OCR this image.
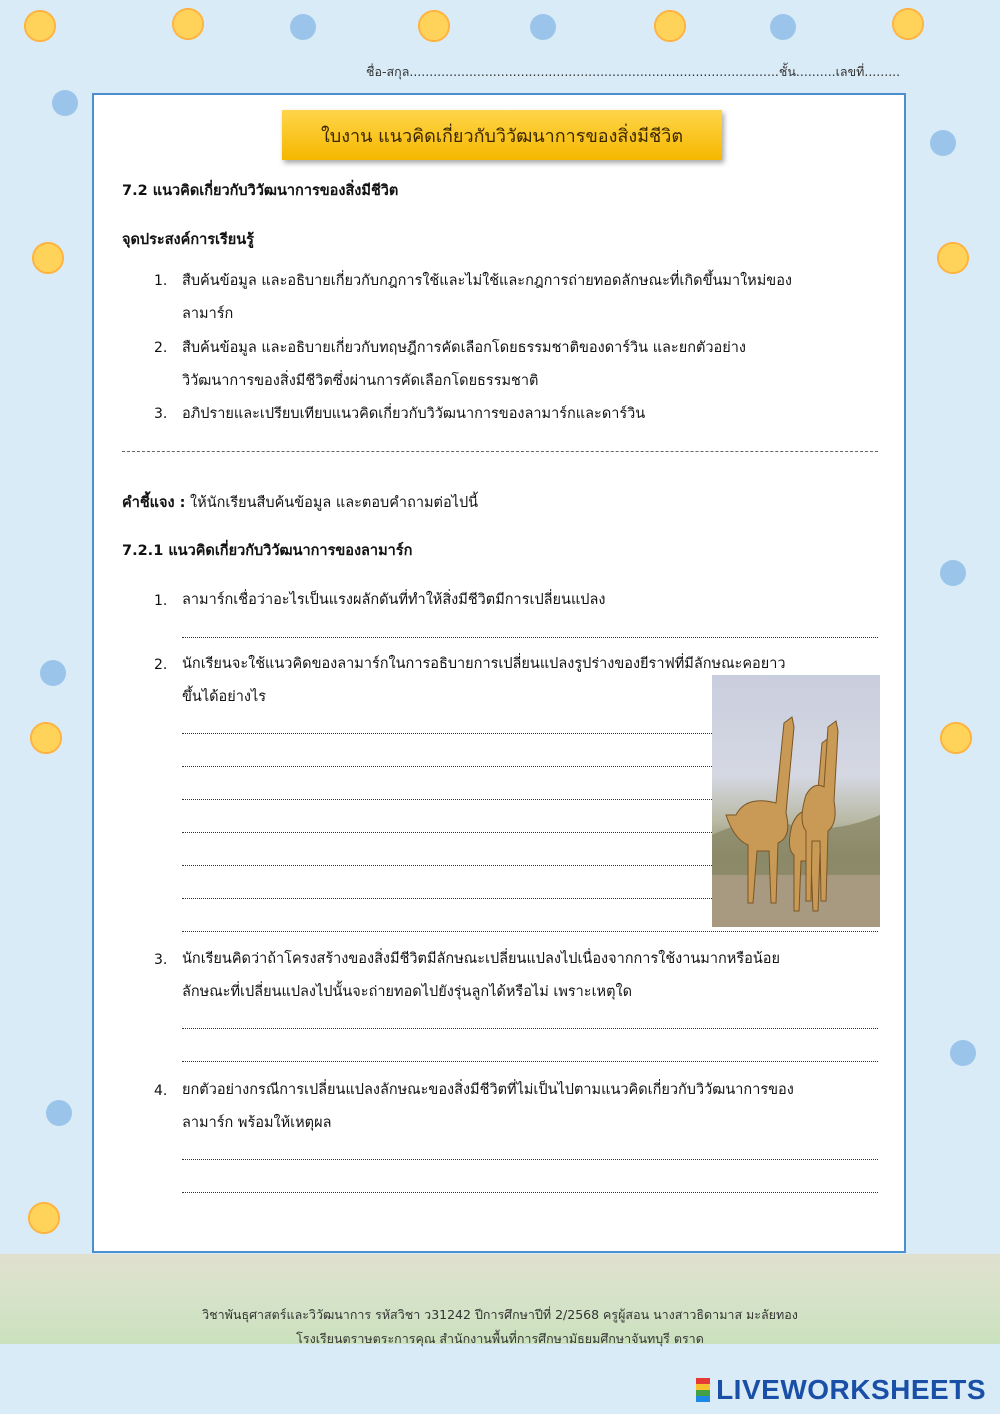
ชื่อ-สกุล.............................................................................................ชั้น..........เลขที่.........
ใบงาน แนวคิดเกี่ยวกับวิวัฒนาการของสิ่งมีชีวิต
7.2 แนวคิดเกี่ยวกับวิวัฒนาการของสิ่งมีชีวิต
จุดประสงค์การเรียนรู้
1. สืบค้นข้อมูล และอธิบายเกี่ยวกับกฎการใช้และไม่ใช้และกฎการถ่ายทอดลักษณะที่เกิดขึ้นมาใหม่ของ
ลามาร์ก
2. สืบค้นข้อมูล และอธิบายเกี่ยวกับทฤษฎีการคัดเลือกโดยธรรมชาติของดาร์วิน และยกตัวอย่าง
วิวัฒนาการของสิ่งมีชีวิตซึ่งผ่านการคัดเลือกโดยธรรมชาติ
3. อภิปรายและเปรียบเทียบแนวคิดเกี่ยวกับวิวัฒนาการของลามาร์กและดาร์วิน
คำชี้แจง : ให้นักเรียนสืบค้นข้อมูล และตอบคำถามต่อไปนี้
7.2.1 แนวคิดเกี่ยวกับวิวัฒนาการของลามาร์ก
1. ลามาร์กเชื่อว่าอะไรเป็นแรงผลักดันที่ทำให้สิ่งมีชีวิตมีการเปลี่ยนแปลง
2. นักเรียนจะใช้แนวคิดของลามาร์กในการอธิบายการเปลี่ยนแปลงรูปร่างของยีราฟที่มีลักษณะคอยาว
ขึ้นได้อย่างไร
3. นักเรียนคิดว่าถ้าโครงสร้างของสิ่งมีชีวิตมีลักษณะเปลี่ยนแปลงไปเนื่องจากการใช้งานมากหรือน้อย
ลักษณะที่เปลี่ยนแปลงไปนั้นจะถ่ายทอดไปยังรุ่นลูกได้หรือไม่ เพราะเหตุใด
4. ยกตัวอย่างกรณีการเปลี่ยนแปลงลักษณะของสิ่งมีชีวิตที่ไม่เป็นไปตามแนวคิดเกี่ยวกับวิวัฒนาการของ
ลามาร์ก พร้อมให้เหตุผล
วิชาพันธุศาสตร์และวิวัฒนาการ รหัสวิชา ว31242 ปีการศึกษาปีที่ 2/2568 ครูผู้สอน นางสาวธิดามาส มะลัยทอง
โรงเรียนตราษตระการคุณ สำนักงานพื้นที่การศึกษามัธยมศึกษาจันทบุรี ตราด
LIVEWORKSHEETS
